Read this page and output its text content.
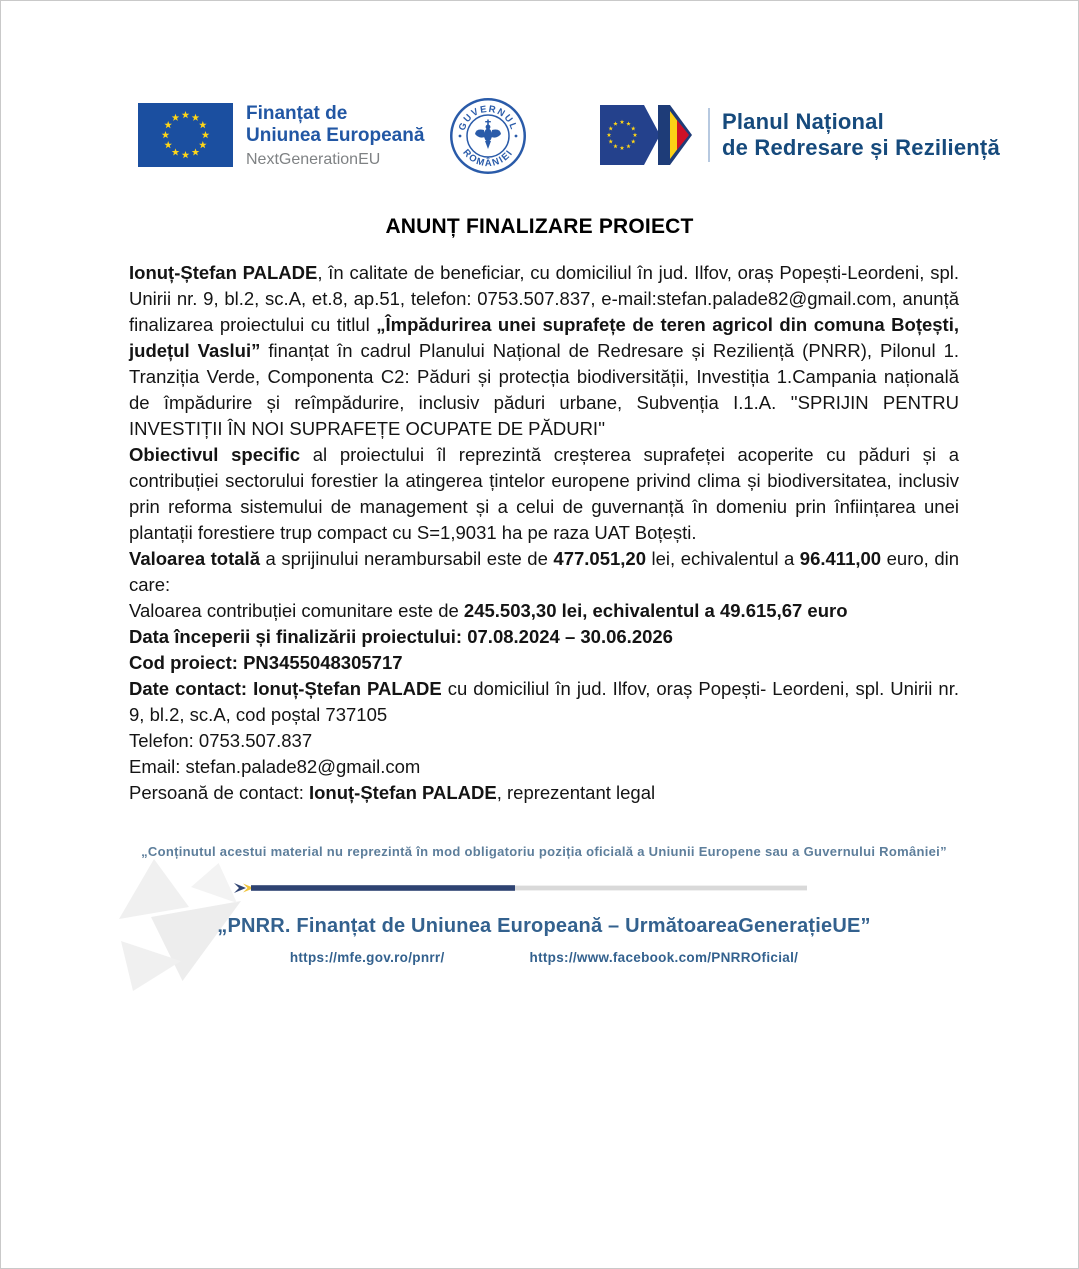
Finanțat de
Uniunea Europeană
NextGenerationEU
GUVERNUL
ROMÂNIEI
Planul Național
de Redresare și Reziliență
ANUNȚ FINALIZARE PROIECT

Ionuț-Ștefan PALADE, în calitate de beneficiar, cu domiciliul în jud. Ilfov, oraș Popești-Leordeni, spl. Unirii nr. 9, bl.2, sc.A, et.8, ap.51, telefon: 0753.507.837, e-mail:stefan.palade82@gmail.com, anunță finalizarea proiectului cu titlul „Împădurirea unei suprafețe de teren agricol din comuna Boțești, județul Vaslui” finanțat în cadrul Planului Național de Redresare și Reziliență (PNRR), Pilonul 1. Tranziția Verde, Componenta C2: Păduri și protecția biodiversității, Investiția 1.Campania națională de împădurire și reîmpădurire, inclusiv păduri urbane, Subvenția I.1.A. ''SPRIJIN PENTRU INVESTIȚII ÎN NOI SUPRAFEȚE OCUPATE DE PĂDURI''

Obiectivul specific al proiectului îl reprezintă creșterea suprafeței acoperite cu păduri și a contribuției sectorului forestier la atingerea țintelor europene privind clima și biodiversitatea, inclusiv prin reforma sistemului de management și a celui de guvernanță în domeniu prin înființarea unei plantații forestiere trup compact cu S=1,9031 ha pe raza UAT Boțești.

Valoarea totală a sprijinului nerambursabil este de 477.051,20 lei, echivalentul a 96.411,00 euro, din care:

Valoarea contribuției comunitare este de 245.503,30 lei, echivalentul a 49.615,67 euro

Data începerii și finalizării proiectului: 07.08.2024 – 30.06.2026

Cod proiect: PN3455048305717

Date contact: Ionuț-Ștefan PALADE cu domiciliul în jud. Ilfov, oraș Popești- Leordeni, spl. Unirii nr. 9, bl.2, sc.A, cod poștal 737105

Telefon: 0753.507.837

Email: stefan.palade82@gmail.com

Persoană de contact: Ionuț-Ștefan PALADE, reprezentant legal

„Conținutul acestui material nu reprezintă în mod obligatoriu poziția oficială a Uniunii Europene sau a Guvernului României”
„PNRR. Finanțat de Uniunea Europeană – UrmătoareaGenerațieUE”
https://mfe.gov.ro/pnrr/	https://www.facebook.com/PNRROficial/
